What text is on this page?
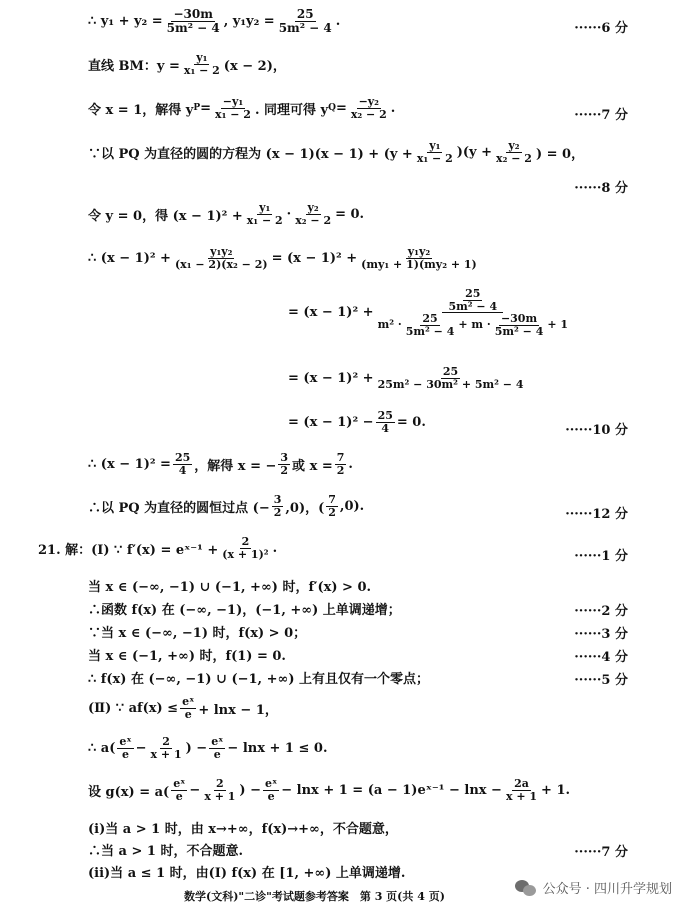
∴ $y_1 + y_2 = \frac{-30m}{\text{5m² − 4}}$ , $y_1y_2 = \frac{25}{\text{5m² − 4}}$ .	······6 分
直线 BM：$y = \frac{\text{y₁}}{\text{x₁ − 2}} (x - 2)$，
令 x = 1，解得 y $P = \frac{\text{−y₁}}{\text{x₁ − 2}}$ . 同理可得 y $Q = \frac{\text{−y₂}}{\text{x₂ − 2}}$ .	······7 分
∵以 PQ 为直径的圆的方程为 $(x - 1)(x - 1) + (y + \frac{\text{y₁}}{\text{x₁ − 2}} )(y + \frac{\text{y₂}}{\text{x₂ − 2}}$ ) = 0，
······8 分
令 y = 0，得 $(x - 1)^2 + \frac{\text{y₁}}{\text{x₁ − 2}} \cdot \frac{\text{y₂}}{\text{x₂ − 2}} = 0$.
∴ $(x - 1)^2 + \frac{\text{y₁y₂}}{\text{(x₁ − 2)(x₂ − 2)}} = (x - 1)^2 + \frac{\text{y₁y₂}}{\text{(my₁ + 1)(my₂ + 1)}}$
= $(x - 1)^2 + \frac{\frac{25}{\text{5m² − 4}}}{m^2 \cdot \frac{25}{\text{5m² − 4}} + m \cdot \frac{-30m}{\text{5m² − 4}} + 1}$
= $(x - 1)^2 + \frac{25}{\text{25m² − 30m² + 5m² − 4}}$
= $(x - 1)^2 - \frac{25}{4} = 0$.
······10 分
∴ $(x - 1)^2 = \frac{25}{4}$ ，解得 x = − $\frac{3}{2}$ 或 $x = \frac{7}{2}$ .
∴以 PQ 为直径的圆恒过点 (− $\frac{3}{2} ,0$)，( $\frac{7}{2} ,0$).
······12 分
21. 解：(Ⅰ) ∵ f′(x) = eˣ⁻¹ + $\frac{2}{\text{(x + 1)²}}$ .
······1 分
当 x ∈ (−∞, −1) ∪ (−1, +∞) 时，f′(x) > 0.
∴函数 f(x) 在 (−∞, −1)，(−1, +∞) 上单调递增；	······2 分
∵当 x ∈ (−∞, −1) 时，f(x) > 0；	······3 分
当 x ∈ (−1, +∞) 时，f(1) = 0.	······4 分
∴ f(x) 在 (−∞, −1) ∪ (−1, +∞) 上有且仅有一个零点；	······5 分
(Ⅱ) ∵ $af(x) \le \frac{\text{eˣ}}{e} + \ln x - 1$，
∴ $a( \frac{\text{eˣ}}{e} - \frac{2}{x + 1}$ ) − $\frac{\text{eˣ}}{e} - \ln x + 1 \le 0$.
设 $g(x) = a( \frac{\text{eˣ}}{e} - \frac{2}{x + 1}$ ) − $\frac{\text{eˣ}}{e} - \ln x + 1 = (a$ − 1)eˣ⁻¹ − $\ln x - \frac{2a}{x + 1} + 1$.
(i)当 a > 1 时，由 x→+∞，f(x)→+∞，不合题意，
∴当 a > 1 时，不合题意.	······7 分
(ii)当 a ≤ 1 时，由(Ⅰ) f(x) 在 [1, +∞) 上单调递增.
数学(文科)"二诊"考试题参考答案　第 3 页(共 4 页)	公众号 · 四川升学规划
